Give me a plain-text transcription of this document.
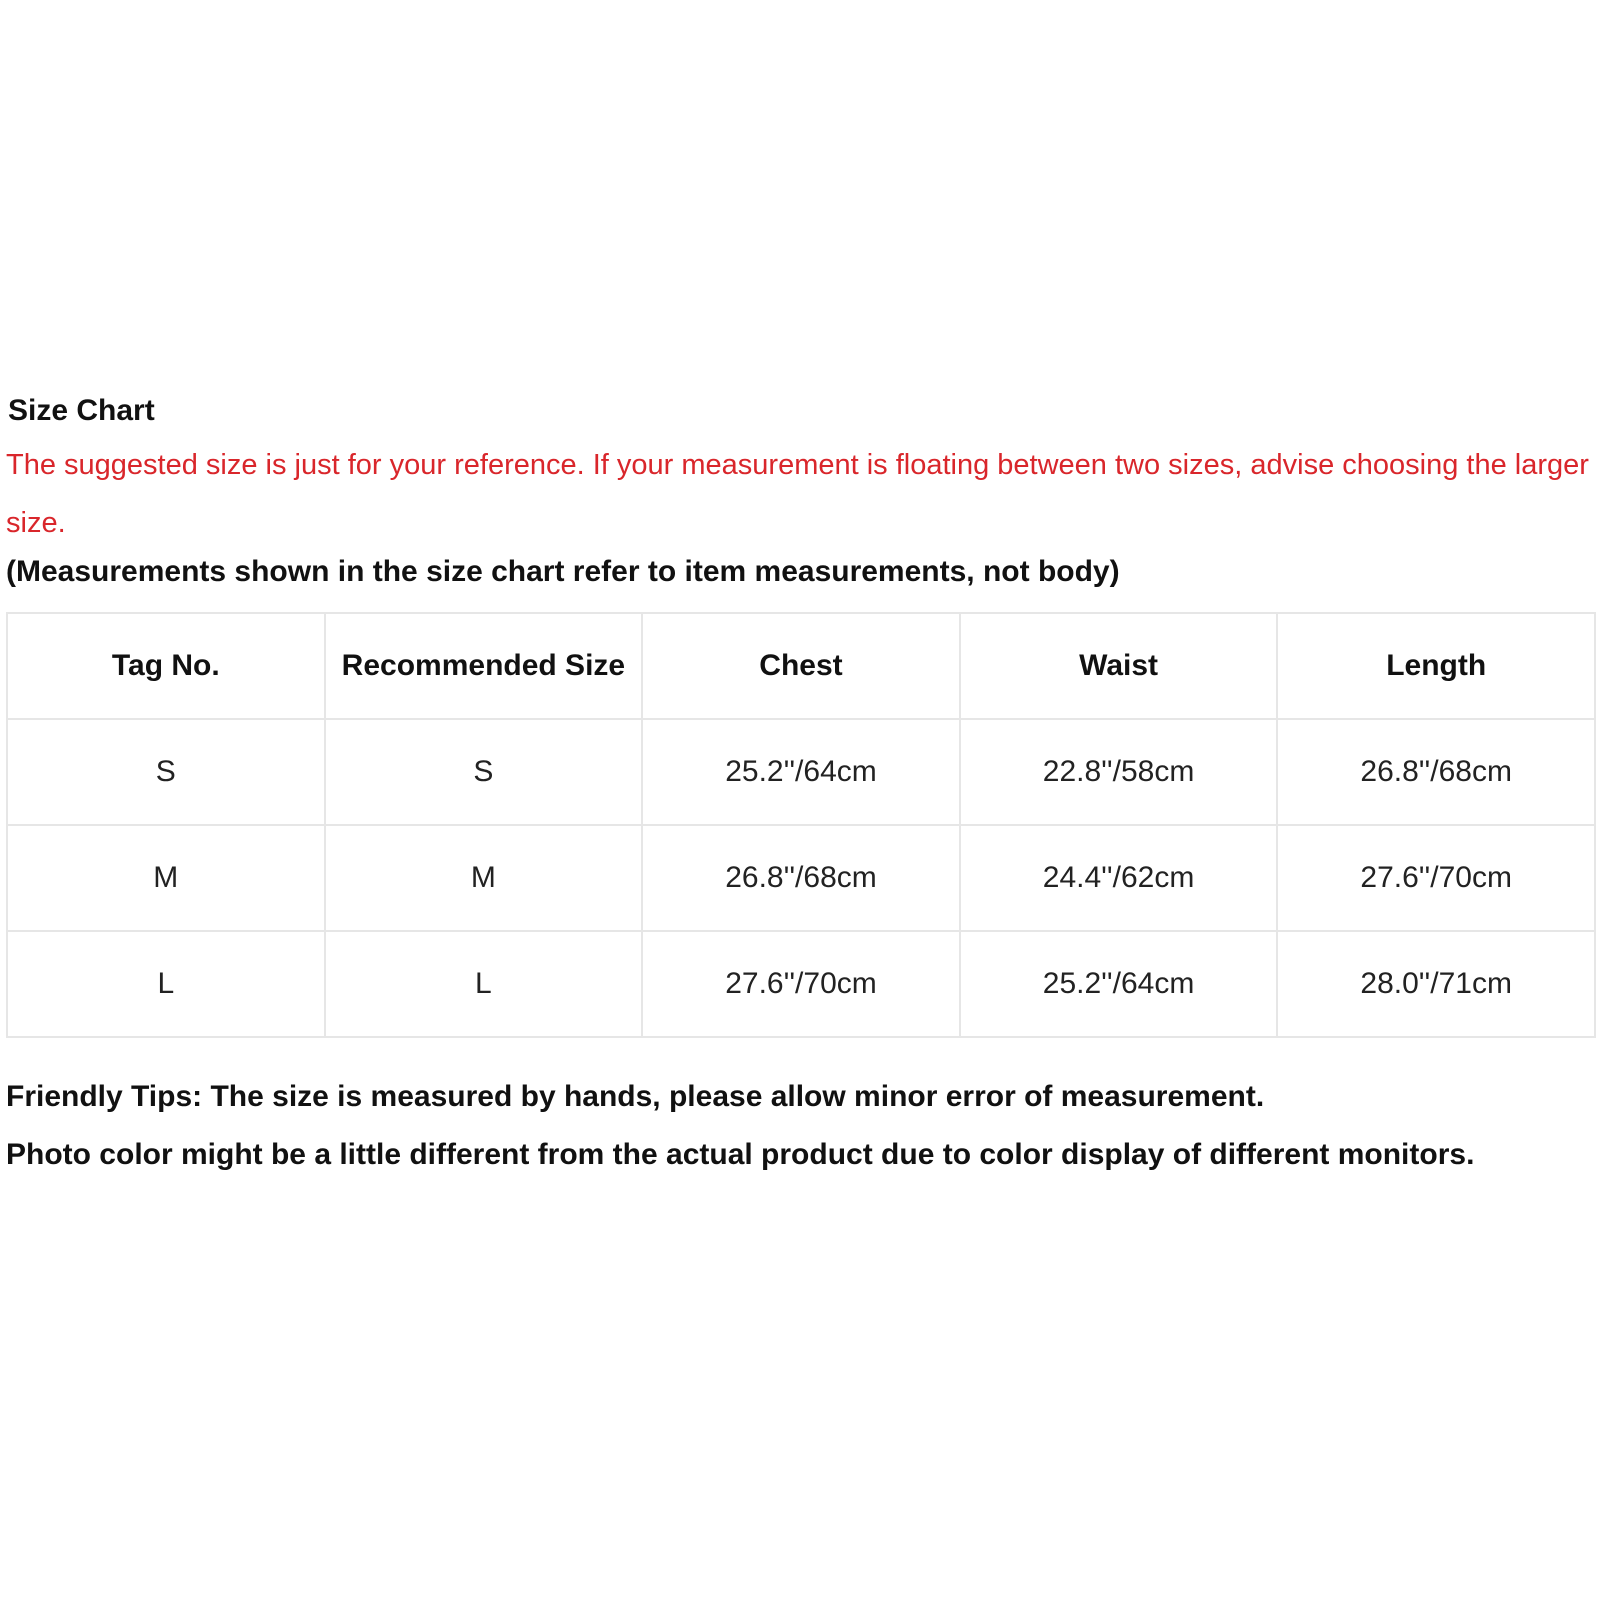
Size Chart
The suggested size is just for your reference. If your measurement is floating between two sizes, advise choosing the larger size.
(Measurements shown in the size chart refer to item measurements, not body)
Tag No.	Recommended Size	Chest	Waist	Length
S	S	25.2''/64cm	22.8''/58cm	26.8''/68cm
M	M	26.8''/68cm	24.4''/62cm	27.6''/70cm
L	L	27.6''/70cm	25.2''/64cm	28.0''/71cm

Friendly Tips: The size is measured by hands, please allow minor error of measurement.

Photo color might be a little different from the actual product due to color display of different monitors.
